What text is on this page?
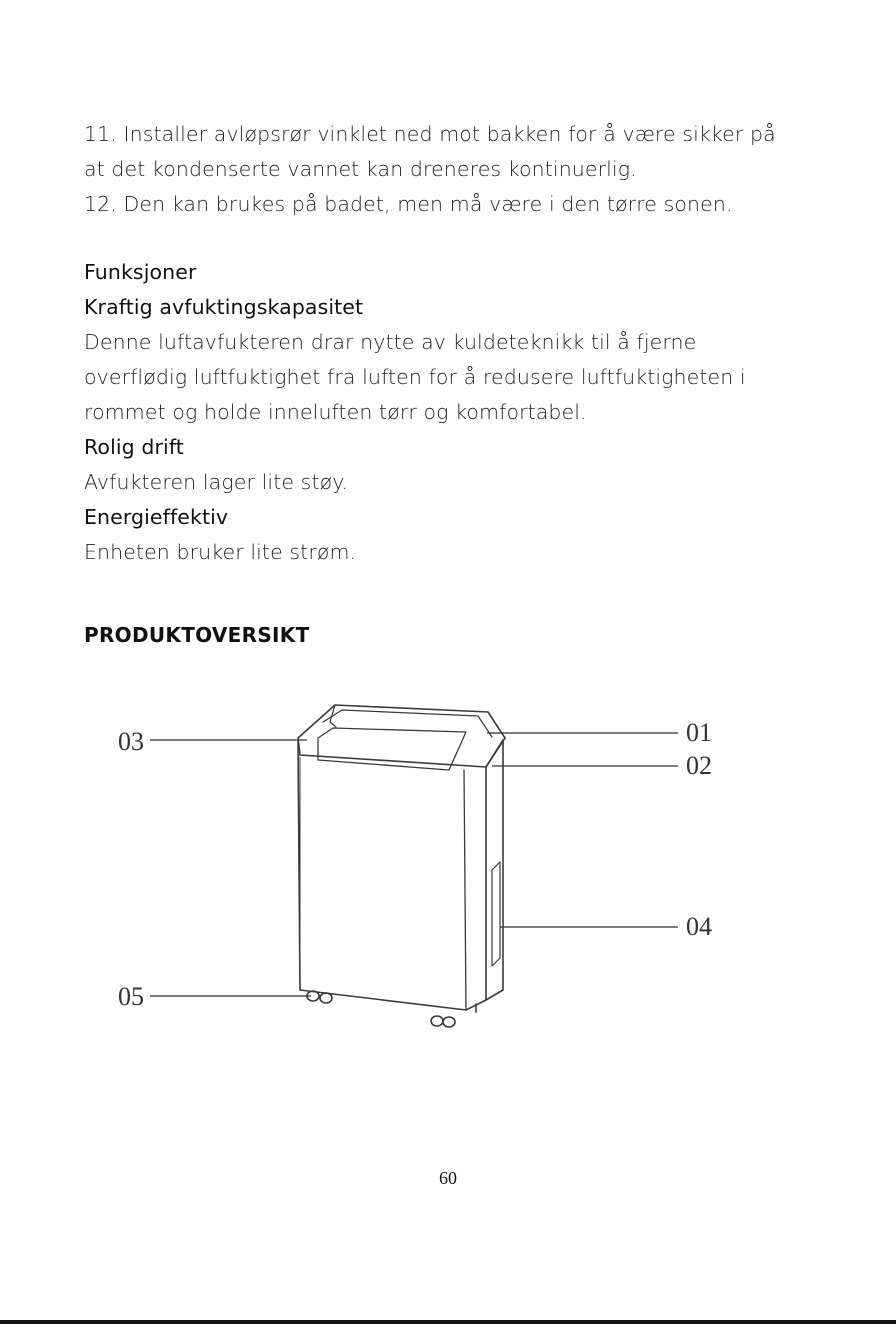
11. Installer avløpsrør vinklet ned mot bakken for å være sikker på
at det kondenserte vannet kan dreneres kontinuerlig.
12. Den kan brukes på badet, men må være i den tørre sonen.
Funksjoner
Kraftig avfuktingskapasitet
Denne luftavfukteren drar nytte av kuldeteknikk til å fjerne
overflødig luftfuktighet fra luften for å redusere luftfuktigheten i
rommet og holde inneluften tørr og komfortabel.
Rolig drift
Avfukteren lager lite støy.
Energieffektiv
Enheten bruker lite strøm.
PRODUKTOVERSIKT
03	01
02
04
05
60
